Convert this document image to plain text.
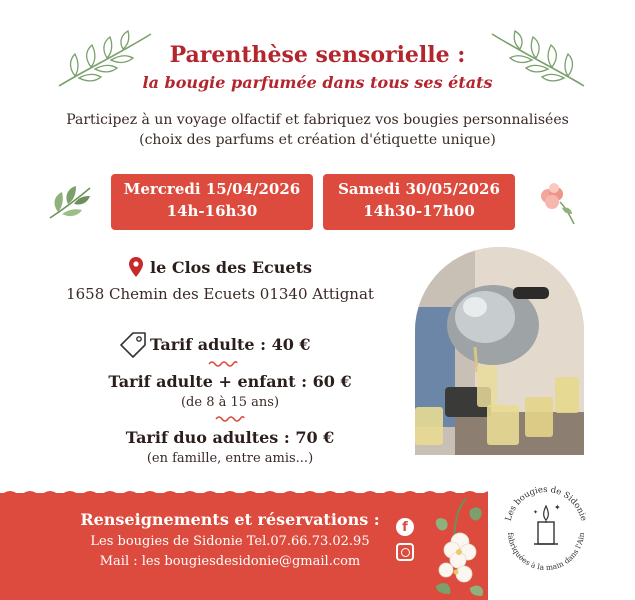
Parenthèse sensorielle :
la bougie parfumée dans tous ses états
Participez à un voyage olfactif et fabriquez vos bougies personnalisées
(choix des parfums et création d'étiquette unique)
Mercredi 15/04/2026
14h-16h30
Samedi 30/05/2026
14h30-17h00
le Clos des Ecuets
1658 Chemin des Ecuets 01340 Attignat
Tarif adulte : 40 €
Tarif adulte + enfant : 60 €
(de 8 à 15 ans)
Tarif duo adultes : 70 €
(en famille, entre amis...)
Renseignements et réservations :
Les bougies de Sidonie Tel.07.66.73.02.95
Mail : les bougiesdesidonie@gmail.com
f
Les bougies de Sidonie
fabriquées à la main dans l'Ain
✦
✦
